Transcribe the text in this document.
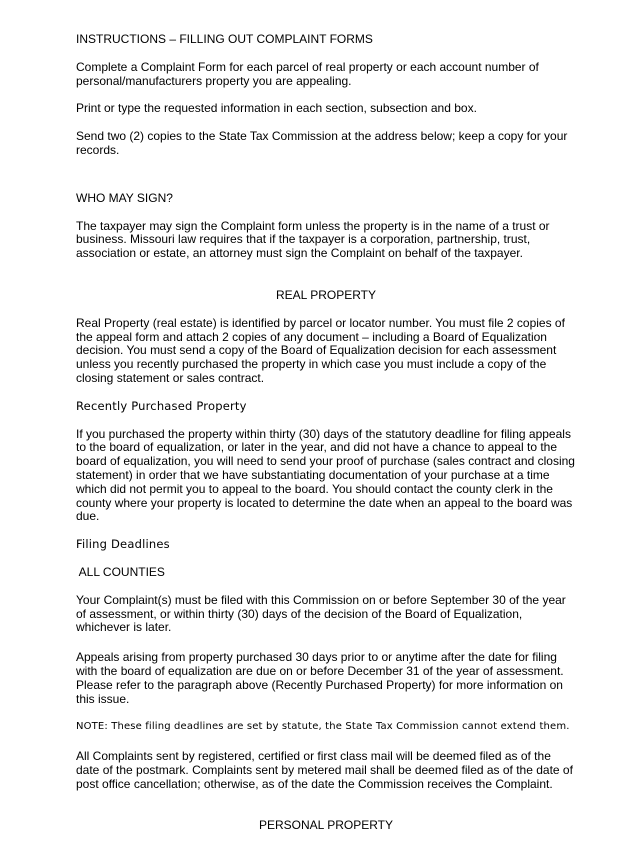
INSTRUCTIONS – FILLING OUT COMPLAINT FORMS

Complete a Complaint Form for each parcel of real property or each account number of personal/manufacturers property you are appealing.

Print or type the requested information in each section, subsection and box.

Send two (2) copies to the State Tax Commission at the address below; keep a copy for your records.

WHO MAY SIGN?

The taxpayer may sign the Complaint form unless the property is in the name of a trust or business. Missouri law requires that if the taxpayer is a corporation, partnership, trust, association or estate, an attorney must sign the Complaint on behalf of the taxpayer.

REAL PROPERTY

Real Property (real estate) is identified by parcel or locator number. You must file 2 copies of the appeal form and attach 2 copies of any document – including a Board of Equalization decision. You must send a copy of the Board of Equalization decision for each assessment unless you recently purchased the property in which case you must include a copy of the closing statement or sales contract.

Recently Purchased Property

If you purchased the property within thirty (30) days of the statutory deadline for filing appeals to the board of equalization, or later in the year, and did not have a chance to appeal to the board of equalization, you will need to send your proof of purchase (sales contract and closing statement) in order that we have substantiating documentation of your purchase at a time which did not permit you to appeal to the board. You should contact the county clerk in the county where your property is located to determine the date when an appeal to the board was due.

Filing Deadlines

ALL COUNTIES

Your Complaint(s) must be filed with this Commission on or before September 30 of the year of assessment, or within thirty (30) days of the decision of the Board of Equalization, whichever is later.

Appeals arising from property purchased 30 days prior to or anytime after the date for filing with the board of equalization are due on or before December 31 of the year of assessment. Please refer to the paragraph above (Recently Purchased Property) for more information on this issue.

NOTE: These filing deadlines are set by statute, the State Tax Commission cannot extend them.

All Complaints sent by registered, certified or first class mail will be deemed filed as of the date of the postmark. Complaints sent by metered mail shall be deemed filed as of the date of post office cancellation; otherwise, as of the date the Commission receives the Complaint.

PERSONAL PROPERTY
